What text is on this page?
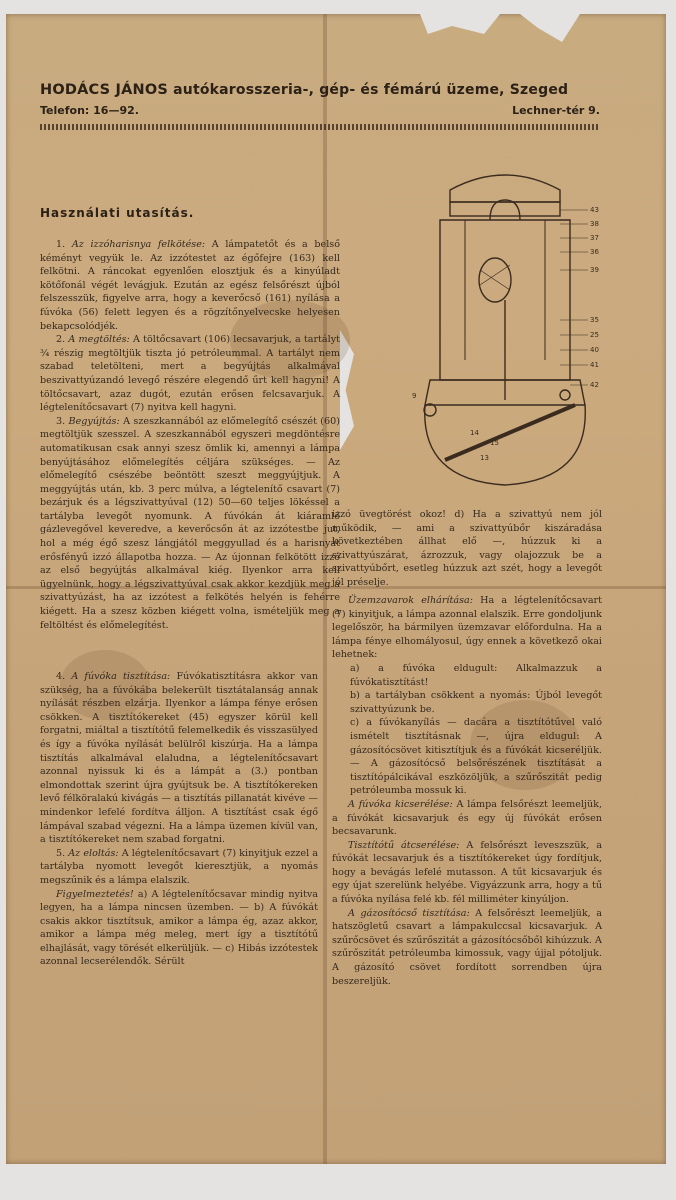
HODÁCS JÁNOS autókarosszeria-, gép- és fémárú üzeme, Szeged
Telefon: 16—92.	Lechner-tér 9.
Használati utasítás.	43
38
37
36
39
35
25
40
41
42
9
14
15
13

1. Az izzóharisnya felkötése: A lámpatetőt és a belső kéményt vegyük le. Az izzótestet az égőfejre (163) kell felkötni. A ráncokat egyenlően elosztjuk és a kinyúladt kötőfonál végét levágjuk. Ezután az egész felsőrészt újból felszesszük, figyelve arra, hogy a keverőcső (161) nyílása a fúvóka (56) felett legyen és a rögzítőnyelvecske helyesen bekapcsolódjék.

2. A megtöltés: A töltőcsavart (106) lecsavarjuk, a tartályt ¾ részig megtöltjük tiszta jó petróleummal. A tartályt nem szabad teletölteni, mert a begyújtás alkalmával beszivattyúzandó levegő részére elegendő űrt kell hagyni! A töltőcsavart, azaz dugót, ezután erősen felcsavarjuk. A légtelenítőcsavart (7) nyitva kell hagyni.

3. Begyújtás: A szeszkannából az előmelegítő csészét (60) megtöltjük szesszel. A szeszkannából egyszeri megdöntésre automatikusan csak annyi szesz ömlik ki, amennyi a lámpa benyújtásához előmelegítés céljára szükséges. — Az előmelegítő csészébe beöntött szeszt meggyújtjuk. A meggyújtás után, kb. 3 perc múlva, a légtelenítő csavart (7) bezárjuk és a légszivattyúval (12) 50—60 teljes lökéssel a tartályba levegőt nyomunk. A fúvókán át kiáramló gázlevegővel keveredve, a keverőcsőn át az izzótestbe jut, hol a még égő szesz lángjától meggyullad és a harisnyát erősfényű izzó állapotba hozza. — Az újonnan felkötött izzó az első begyújtás alkalmával kiég. Ilyenkor arra kell ügyelnünk, hogy a légszivattyúval csak akkor kezdjük meg a szivattyúzást, ha az izzótest a felkötés helyén is fehérre kiégett. Ha a szesz közben kiégett volna, ismételjük meg a feltöltést és előmelegítést.

4. A fúvóka tisztítása: Fúvókatisztításra akkor van szükség, ha a fúvókába belekerült tisztátalanság annak nyílását részben elzárja. Ilyenkor a lámpa fénye erősen csökken. A tisztítókereket (45) egyszer körül kell forgatni, miáltal a tisztítótű felemelkedik és visszasülyed és így a fúvóka nyílását belülről kiszúrja. Ha a lámpa tisztítás alkalmával elaludna, a légtelenítőcsavart azonnal nyissuk ki és a lámpát a (3.) pontban elmondottak szerint újra gyújtsuk be. A tisztítókereken levő félköralakú kivágás — a tisztítás pillanatát kivéve — mindenkor lefelé fordítva álljon. A tisztítást csak égő lámpával szabad végezni. Ha a lámpa üzemen kívül van, a tisztítókereket nem szabad forgatni.

5. Az eloltás: A légtelenítőcsavart (7) kinyitjuk ezzel a tartályba nyomott levegőt kieresztjük, a nyomás megszűnik és a lámpa elalszik.

Figyelmeztetés! a) A légtelenítőcsavar mindig nyitva legyen, ha a lámpa nincsen üzemben. — b) A fúvókát csakis akkor tisztítsuk, amikor a lámpa ég, azaz akkor, amikor a lámpa még meleg, mert így a tisztítótű elhajlását, vagy törését elkerüljük. — c) Hibás izzótestek azonnal lecserélendők. Sérült

izzó üvegtörést okoz! d) Ha a szivattyú nem jól működik, — ami a szivattyúbőr kiszáradása következtében állhat elő —, húzzuk ki a szivattyúszárat, ázrozzuk, vagy olajozzuk be a szivattyúbőrt, esetleg húzzuk azt szét, hogy a levegőt jól préselje.

Üzemzavarok elhárítása: Ha a légtelenítőcsavart (7) kinyitjuk, a lámpa azonnal elalszik. Erre gondoljunk legelőször, ha bármilyen üzemzavar előfordulna. Ha a lámpa fénye elhomályosul, úgy ennek a következő okai lehetnek:

a) a fúvóka eldugult: Alkalmazzuk a fúvókatisztítást!

b) a tartályban csökkent a nyomás: Újból levegőt szivattyúzunk be.

c) a fúvókanyílás — dacára a tisztítótűvel való ismételt tisztításnak —, újra eldugul: A gázosítócsövet kitisztítjuk és a fúvókát kicseréljük. — A gázosítócső belsőrészének tisztítását a tisztítópálcikával eszközöljük, a szűrőszitát pedig petróleumba mossuk ki.

A fúvóka kicserélése: A lámpa felsőrészt leemeljük, a fúvókát kicsavarjuk és egy új fúvókát erősen becsavarunk.

Tisztítótű átcserélése: A felsőrészt leveszszük, a fúvókát lecsavarjuk és a tisztítókereket úgy fordítjuk, hogy a bevágás lefelé mutasson. A tűt kicsavarjuk és egy újat szerelünk helyébe. Vigyázzunk arra, hogy a tű a fúvóka nyílása felé kb. fél milliméter kinyúljon.

A gázosítócső tisztítása: A felsőrészt leemeljük, a hatszögletű csavart a lámpakulccsal kicsavarjuk. A szűrőcsövet és szűrőszitát a gázosítócsőből kihúzzuk. A szűrőszitát petróleumba kimossuk, vagy újjal pótoljuk. A gázosító csövet fordított sorrendben újra beszereljük.
